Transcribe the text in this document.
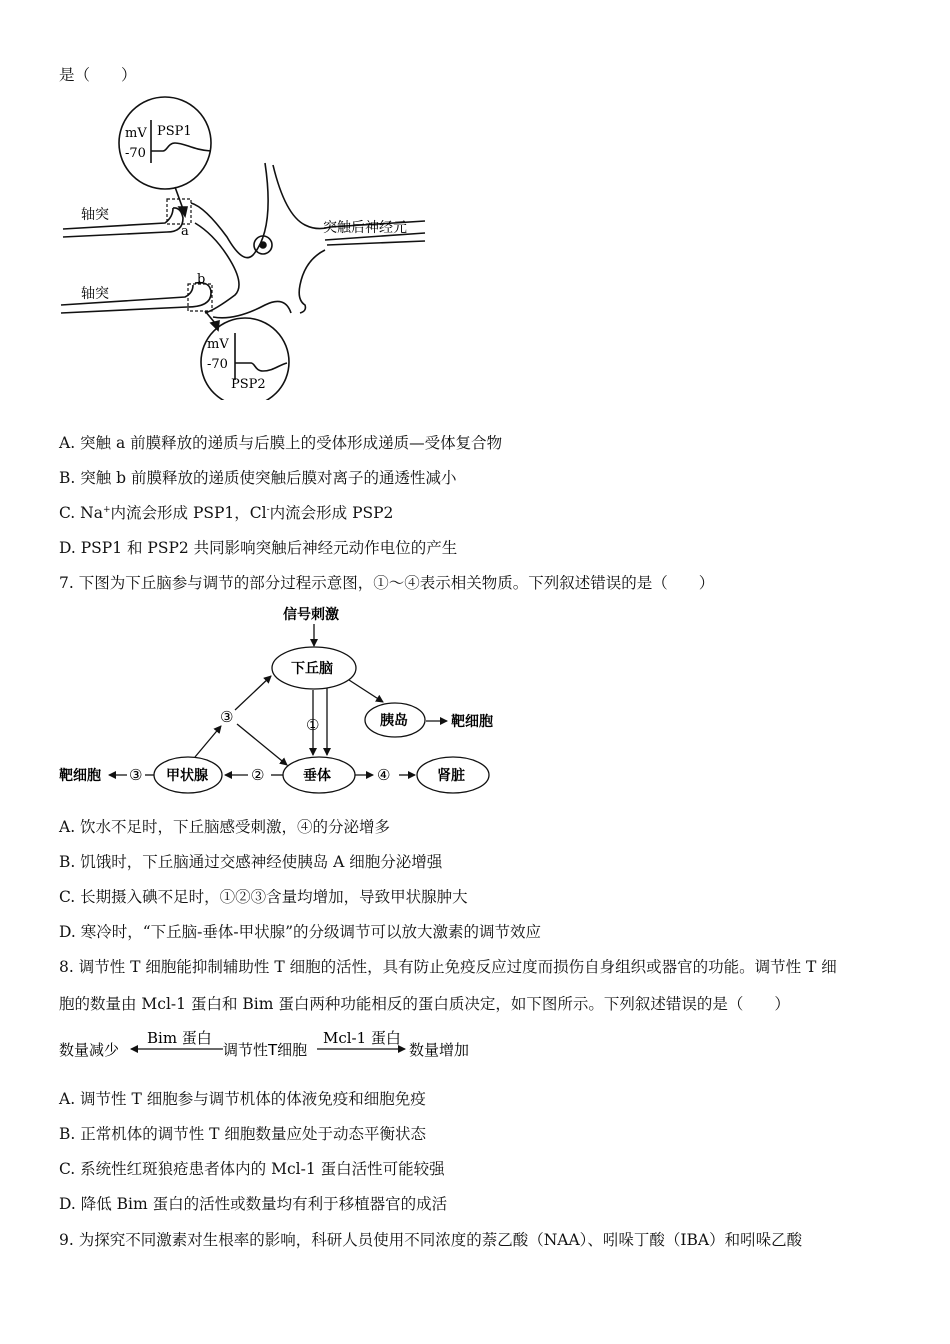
是（　　）
mV PSP1
-70
轴突
a	突触后神经元
轴突
b
mV
-70
PSP2
A. 突触 a 前膜释放的递质与后膜上的受体形成递质—受体复合物
B. 突触 b 前膜释放的递质使突触后膜对离子的通透性减小
C. Na+内流会形成 PSP1，Cl-内流会形成 PSP2
D. PSP1 和 PSP2 共同影响突触后神经元动作电位的产生
7. 下图为下丘脑参与调节的部分过程示意图，①～④表示相关物质。下列叙述错误的是（　　）
信号刺激
下丘脑
胰岛	靶细胞
垂体
甲状腺	肾脏
靶细胞
①
②
③
③
④
A. 饮水不足时，下丘脑感受刺激，④的分泌增多
B. 饥饿时，下丘脑通过交感神经使胰岛 A 细胞分泌增强
C. 长期摄入碘不足时，①②③含量均增加，导致甲状腺肿大
D. 寒冷时，“下丘脑-垂体-甲状腺”的分级调节可以放大激素的调节效应
8. 调节性 T 细胞能抑制辅助性 T 细胞的活性，具有防止免疫反应过度而损伤自身组织或器官的功能。调节性 T 细
胞的数量由 Mcl-1 蛋白和 Bim 蛋白两种功能相反的蛋白质决定，如下图所示。下列叙述错误的是（　　）
数量减少
Bim 蛋白
调节性T细胞
Mcl-1 蛋白
数量增加
A. 调节性 T 细胞参与调节机体的体液免疫和细胞免疫
B. 正常机体的调节性 T 细胞数量应处于动态平衡状态
C. 系统性红斑狼疮患者体内的 Mcl-1 蛋白活性可能较强
D. 降低 Bim 蛋白的活性或数量均有利于移植器官的成活
9. 为探究不同激素对生根率的影响，科研人员使用不同浓度的萘乙酸（NAA）、吲哚丁酸（IBA）和吲哚乙酸
